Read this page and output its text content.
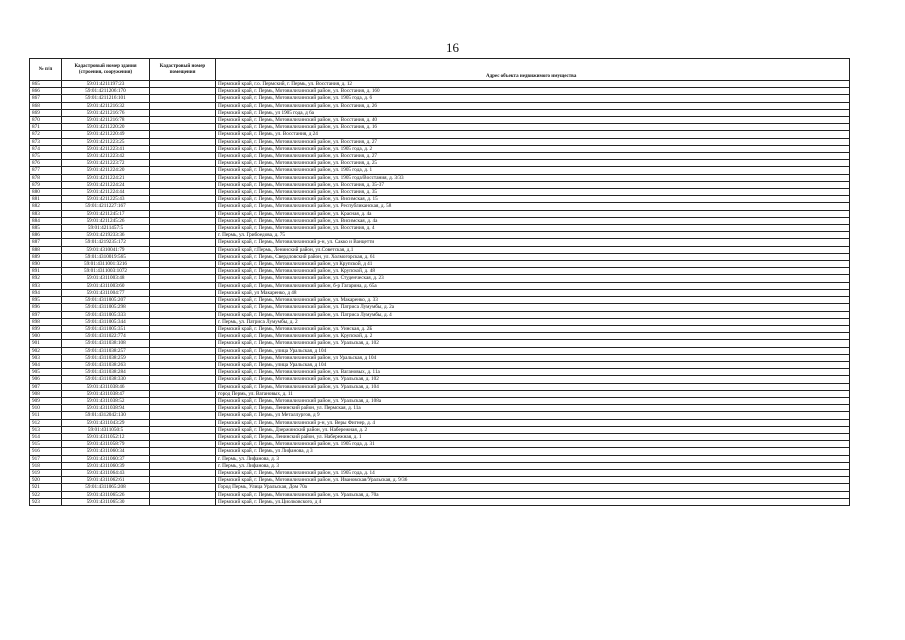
16
№ п/п	Кадастровый номер здания (строения, сооружения)	Кадастровый номер помещения	Адрес объекта недвижимого имущества
865	59:01:4211197:23		Пермский край, г.о. Пермский, г. Пермь, ул. Восстания, д. 12
866	59:01:4211206:170		Пермский край, г. Пермь, Мотовилихинский район, ул. Восстания, д. 160
867	59:01:4211216:101		Пермский край, г. Пермь, Мотовилихинский район, ул. 1905 года, д. 6
868	59:01:4211216:32		Пермский край, г. Пермь, Мотовилихинский район, ул. Восстания, д. 26
869	59:01:4211216:76		Пермский край, г. Пермь, ул 1905 года, д 6а
870	59:01:4211216:78		Пермский край, г. Пермь, Мотовилихинский район, ул. Восстания, д. 40
871	59:01:4211220:20		Пермский край, г. Пермь, Мотовилихинский район, ул. Восстания, д. 16
872	59:01:4211220:49		Пермский край, г. Пермь, ул. Восстания, д 24
873	59:01:4211223:25		Пермский край, г. Пермь, Мотовилихинский район, ул. Восстания, д. 27
874	59:01:4211223:41		Пермский край, г. Пермь, Мотовилихинский район, ул. 1905 года, д. 2
875	59:01:4211223:42		Пермский край, г. Пермь, Мотовилихинский район, ул. Восстания, д. 27
876	59:01:4211223:72		Пермский край, г. Пермь, Мотовилихинский район, ул. Восстания, д. 25
877	59:01:4211224:20		Пермский край, г. Пермь, Мотовилихинский район, ул. 1905 года, д. 1
878	59:01:4211224:21		Пермский край, г. Пермь, Мотовилихинский район, ул. 1905 года/Восстания, д. 3/33
879	59:01:4211224:24		Пермский край, г. Пермь, Мотовилихинский район, ул. Восстания, д. 35-37
880	59:01:4211224:44		Пермский край, г. Пермь, Мотовилихинский район, ул. Восстания, д. 35
881	59:01:4211225:43		Пермский край, г. Пермь, Мотовилихинский район, ул. Висимская, д. 15
882	59:01:4211227:167		Пермский край, г. Пермь, Мотовилихинский район, ул. Республиканская, д. 58
883	59:01:4211245:17		Пермский край, г. Пермь, Мотовилихинский район, ул. Красная, д. 4а
884	59:01:4211245:26		Пермский край, г. Пермь, Мотовилихинский район, ул. Висимская, д. 4а
885	59:01:4211457:5		Пермский край, г. Пермь, Мотовилихинский район, ул. Восстания, д. 4
886	59:01:4219233:36		г. Пермь, ул. Грибоедова, д. 75
887	59:01:4219235:172		Пермский край, г. Пермь, Мотовилихинский р-н, ул. Сакко и Ванцетти
888	59:01:4310041:79		Пермский край, г.Пермь, Ленинский район, ул.Советская, д.1
889	59:01:4310019:565		Пермский край, г. Пермь, Свердловский район, ул. Холмогорская, д. 61
890	59:01:4311001:3216		Пермский край, г. Пермь, Мотовилихинский район, ул Крупской, д 41
891	59:01:4311003:1072		Пермский край, г. Пермь, Мотовилихинский район, ул. Крупской, д. 48
892	59:01:4311003:48		Пермский край, г. Пермь, Мотовилихинский район, ул. Студенческая, д. 23
893	59:01:4311003:60		Пермский край, г. Пермь, Мотовилихинский район, б-р Гагарина, д. 65а
894	59:01:4311004:77		Пермский край, ул Макаренко, д 48
895	59:01:4311005:207		Пермский край, г. Пермь, Мотовилихинский район, ул. Макаренко, д. 33
896	59:01:4311005:298		Пермский край, г. Пермь, Мотовилихинский район, ул. Патриса Лумумбы, д. 2а
897	59:01:4311005:333		Пермский край, г. Пермь, Мотовилихинский район, ул. Патриса Лумумбы, д. 4
898	59:01:4311005:344		г. Пермь, ул. Патриса Лумумбы, д. 2
899	59:01:4311005:351		Пермский край, г. Пермь, Мотовилихинский район, ул. Уинская, д. 2Б
900	59:01:4311022:774		Пермский край, г. Пермь, Мотовилихинский район, ул. Крупской, д. 2
901	59:01:4311038:108		Пермский край, г. Пермь, Мотовилихинский район, ул. Уральская, д. 102
902	59:01:4311038:257		Пермский край, г. Пермь, улица Уральская, д 104
903	59:01:4311038:259		Пермский край, г. Пермь, Мотовилихинский район, ул Уральская, д 104
904	59:01:4311038:263		Пермский край, г. Пермь, улица Уральская, д 104
905	59:01:4311038:284		Пермский край, г. Пермь, Мотовилихинский район, ул. Вагановых, д. 11а
906	59:01:4311038:330		Пермский край, г. Пермь, Мотовилихинский район, ул. Уральская, д. 102
907	59:01:4311038:46		Пермский край, г. Пермь, Мотовилихинский район, ул. Уральская, д. 104
908	59:01:4311038:47		город Пермь, ул. Вагановых, д. 11
909	59:01:4311038:52		Пермский край, г. Пермь, Мотовилихинский район, ул. Уральская, д. 108а
910	59:01:4311038:94		Пермский край, г. Пермь, Ленинский район, ул. Пермская, д. 11а
911	59:01:4312042:130		Пермский край, г. Пермь, ул Металлургов, д 9
912	59:01:4311043:29		Пермский край, г. Пермь, Мотовилихинский р-н, ул. Веры Фигнер, д. 4
913	59:01:4311050:5		Пермский край, г. Пермь, Дзержинский район, ул. Набережная, д. 2
914	59:01:4311052:12		Пермский край, г. Пермь, Ленинский район, ул. Набережная, д. 1
915	59:01:4311058:79		Пермский край, г. Пермь, Мотовилихинский район, ул. 1905 года, д. 31
916	59:01:4311060:34		Пермский край, г. Пермь, ул Лифанова, д 3
917	59:01:4311060:37		г. Пермь, ул. Лифанова, д. 3
918	59:01:4311060:39		г. Пермь, ул. Лифанова, д. 3
919	59:01:4311064:43		Пермский край, г. Пермь, Мотовилихинский район, ул. 1905 года, д. 14
920	59:01:4311062:61		Пермский край, г. Пермь, Мотовилихинский район, ул. Ивановская/Уральская, д. 9/36
921	59:01:4311065:208		Город Пермь, Улица Уральская, Дом 70а
922	59:01:4311065:26		Пермский край, г. Пермь, Мотовилихинский район, ул. Уральская, д. 70а
923	59:01:4311065:30		Пермский край, г. Пермь, ул.Циолковского, д 4
